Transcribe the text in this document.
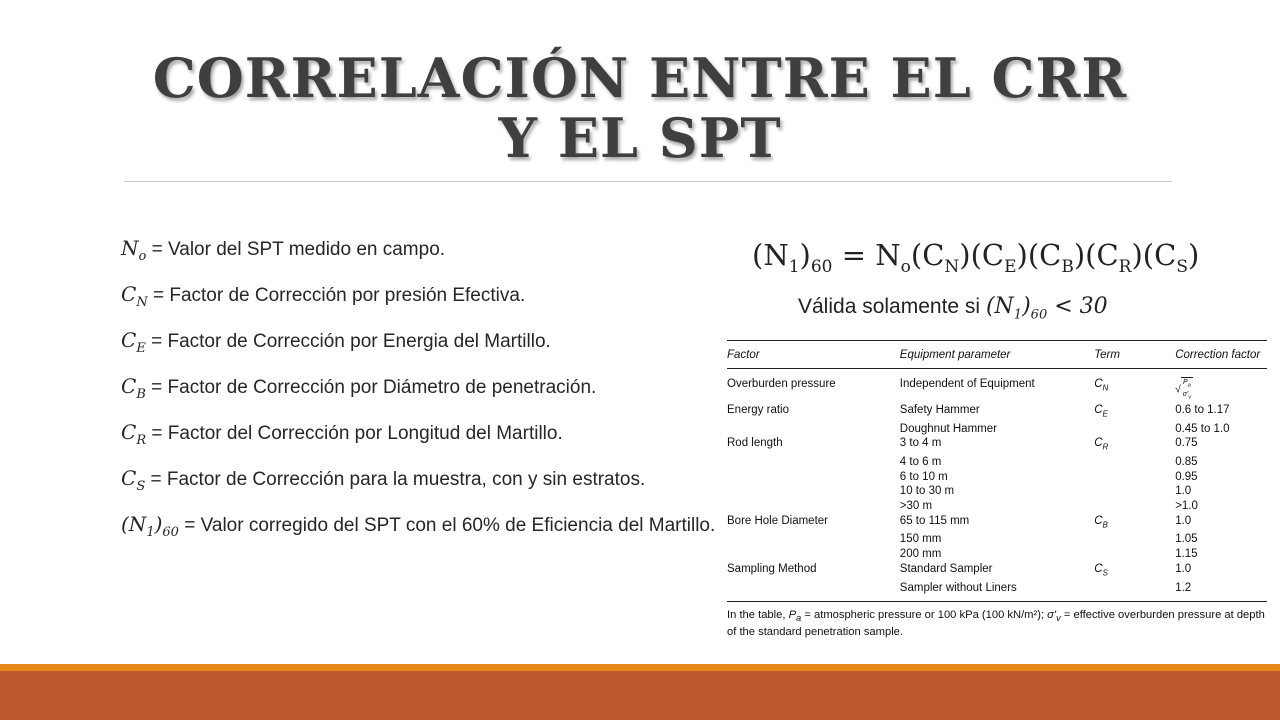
CORRELACIÓN ENTRE EL CRR
Y EL SPT
$N_o$ = Valor del SPT medido en campo.
$C_N$ = Factor de Corrección por presión Efectiva.
$C_E$ = Factor de Corrección por Energia del Martillo.
$C_B$ = Factor de Corrección por Diámetro de penetración.
$C_R$ = Factor del Corrección por Longitud del Martillo.
$C_S$ = Factor de Corrección para la muestra, con y sin estratos.
$(N_1)_{60}$ = Valor corregido del SPT con el 60% de Eficiencia del Martillo.
$(N_1)_{60} = N_o(C_N)(C_E)(C_B)(C_R)(C_S)$
Válida solamente si $(N_1)_{60} < 30$
Factor	Equipment parameter	Term	Correction factor
Overburden pressure	Independent of Equipment	$C_N$	$√P_a$
$\sigma'_v$
Energy ratio	Safety Hammer	$C_E$	0.6 to 1.17
	Doughnut Hammer		0.45 to 1.0
Rod length	3 to 4 m	$C_R$	0.75
	4 to 6 m		0.85
	6 to 10 m		0.95
	10 to 30 m		1.0
	>30 m		>1.0
Bore Hole Diameter	65 to 115 mm	$C_B$	1.0
	150 mm		1.05
	200 mm		1.15
Sampling Method	Standard Sampler	$C_S$	1.0
	Sampler without Liners		1.2
In the table, $P_a$ = atmospheric pressure or 100 kPa (100 kN/m²); $\sigma'_v$ = effective overburden pressure at depth of the standard penetration sample.
